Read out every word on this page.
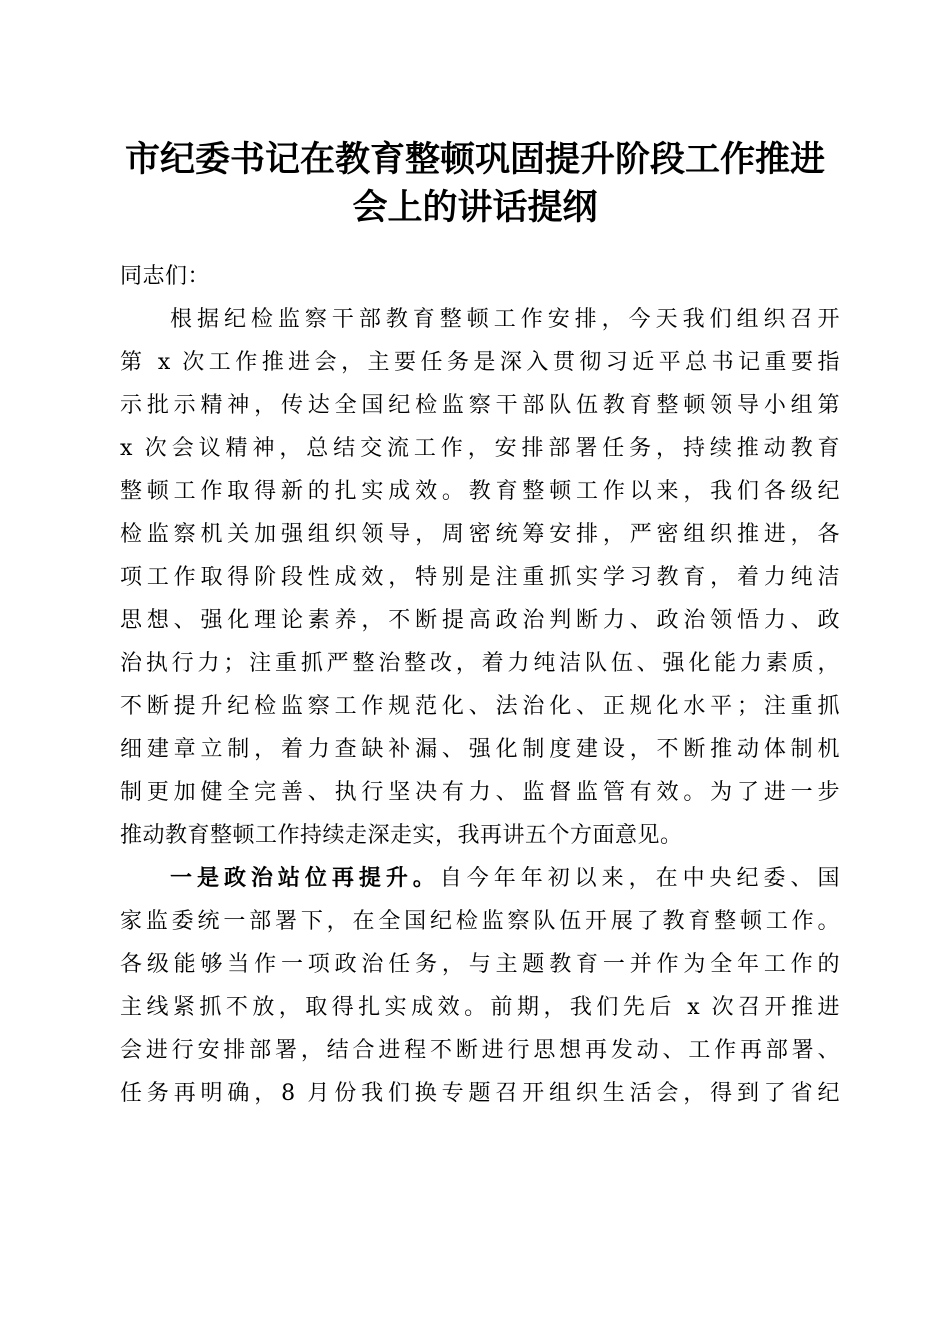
市纪委书记在教育整顿巩固提升阶段工作推进
会上的讲话提纲
同志们：
根据纪检监察干部教育整顿工作安排，今天我们组织召开
第 x 次工作推进会，主要任务是深入贯彻习近平总书记重要指
示批示精神，传达全国纪检监察干部队伍教育整顿领导小组第
x 次会议精神，总结交流工作，安排部署任务，持续推动教育
整顿工作取得新的扎实成效。教育整顿工作以来，我们各级纪
检监察机关加强组织领导，周密统筹安排，严密组织推进，各
项工作取得阶段性成效，特别是注重抓实学习教育，着力纯洁
思想、强化理论素养，不断提高政治判断力、政治领悟力、政
治执行力；注重抓严整治整改，着力纯洁队伍、强化能力素质，
不断提升纪检监察工作规范化、法治化、正规化水平；注重抓
细建章立制，着力查缺补漏、强化制度建设，不断推动体制机
制更加健全完善、执行坚决有力、监督监管有效。为了进一步
推动教育整顿工作持续走深走实，我再讲五个方面意见。
一是政治站位再提升。自今年年初以来，在中央纪委、国
家监委统一部署下，在全国纪检监察队伍开展了教育整顿工作。
各级能够当作一项政治任务，与主题教育一并作为全年工作的
主线紧抓不放，取得扎实成效。前期，我们先后 x 次召开推进
会进行安排部署，结合进程不断进行思想再发动、工作再部署、
任务再明确，8 月份我们换专题召开组织生活会，得到了省纪
